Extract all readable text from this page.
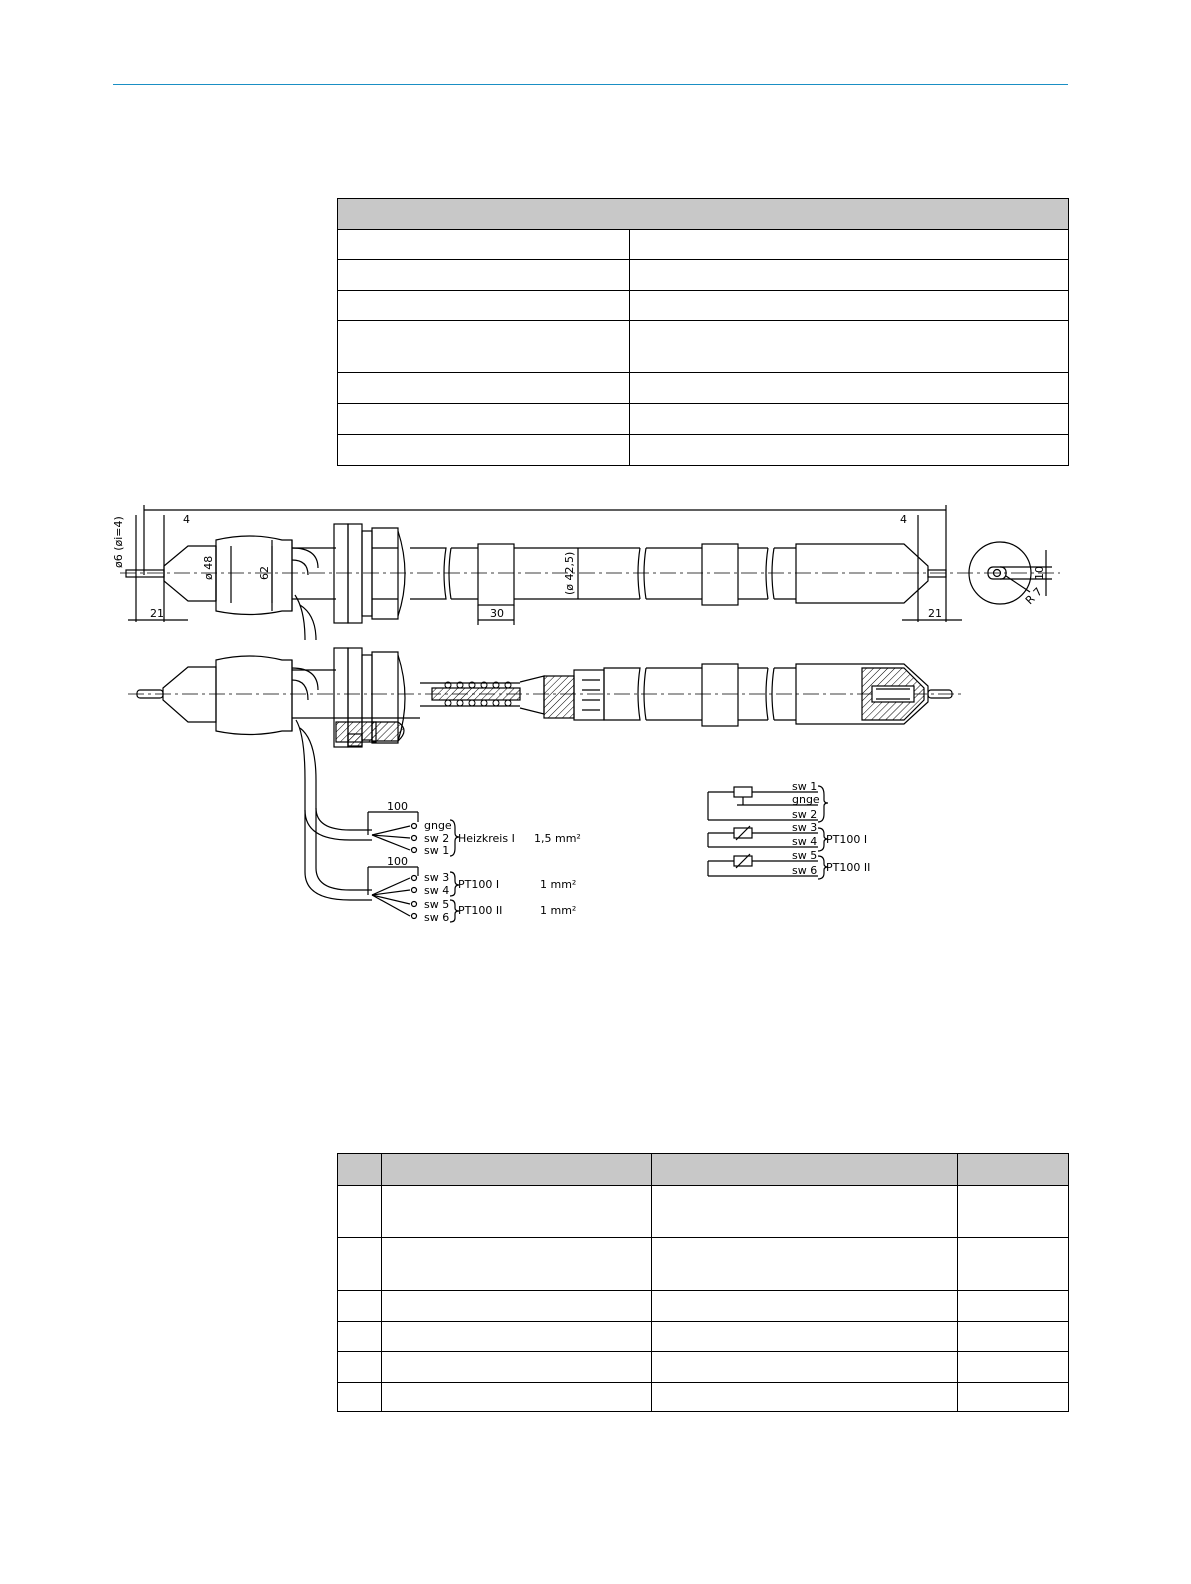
ø6 (øi=4)	4	4
ø 48	62	(ø 42,5)
30
21	21
10
R 7
100
gnge
sw 2
sw 1
Heizkreis I 1,5 mm²
100
sw 3
sw 4
sw 5
sw 6
PT100 I	1 mm²
PT100 II	1 mm²
sw 1
gnge
sw 2
sw 3
sw 4 PT100 I
sw 5
sw 6 PT100 II
